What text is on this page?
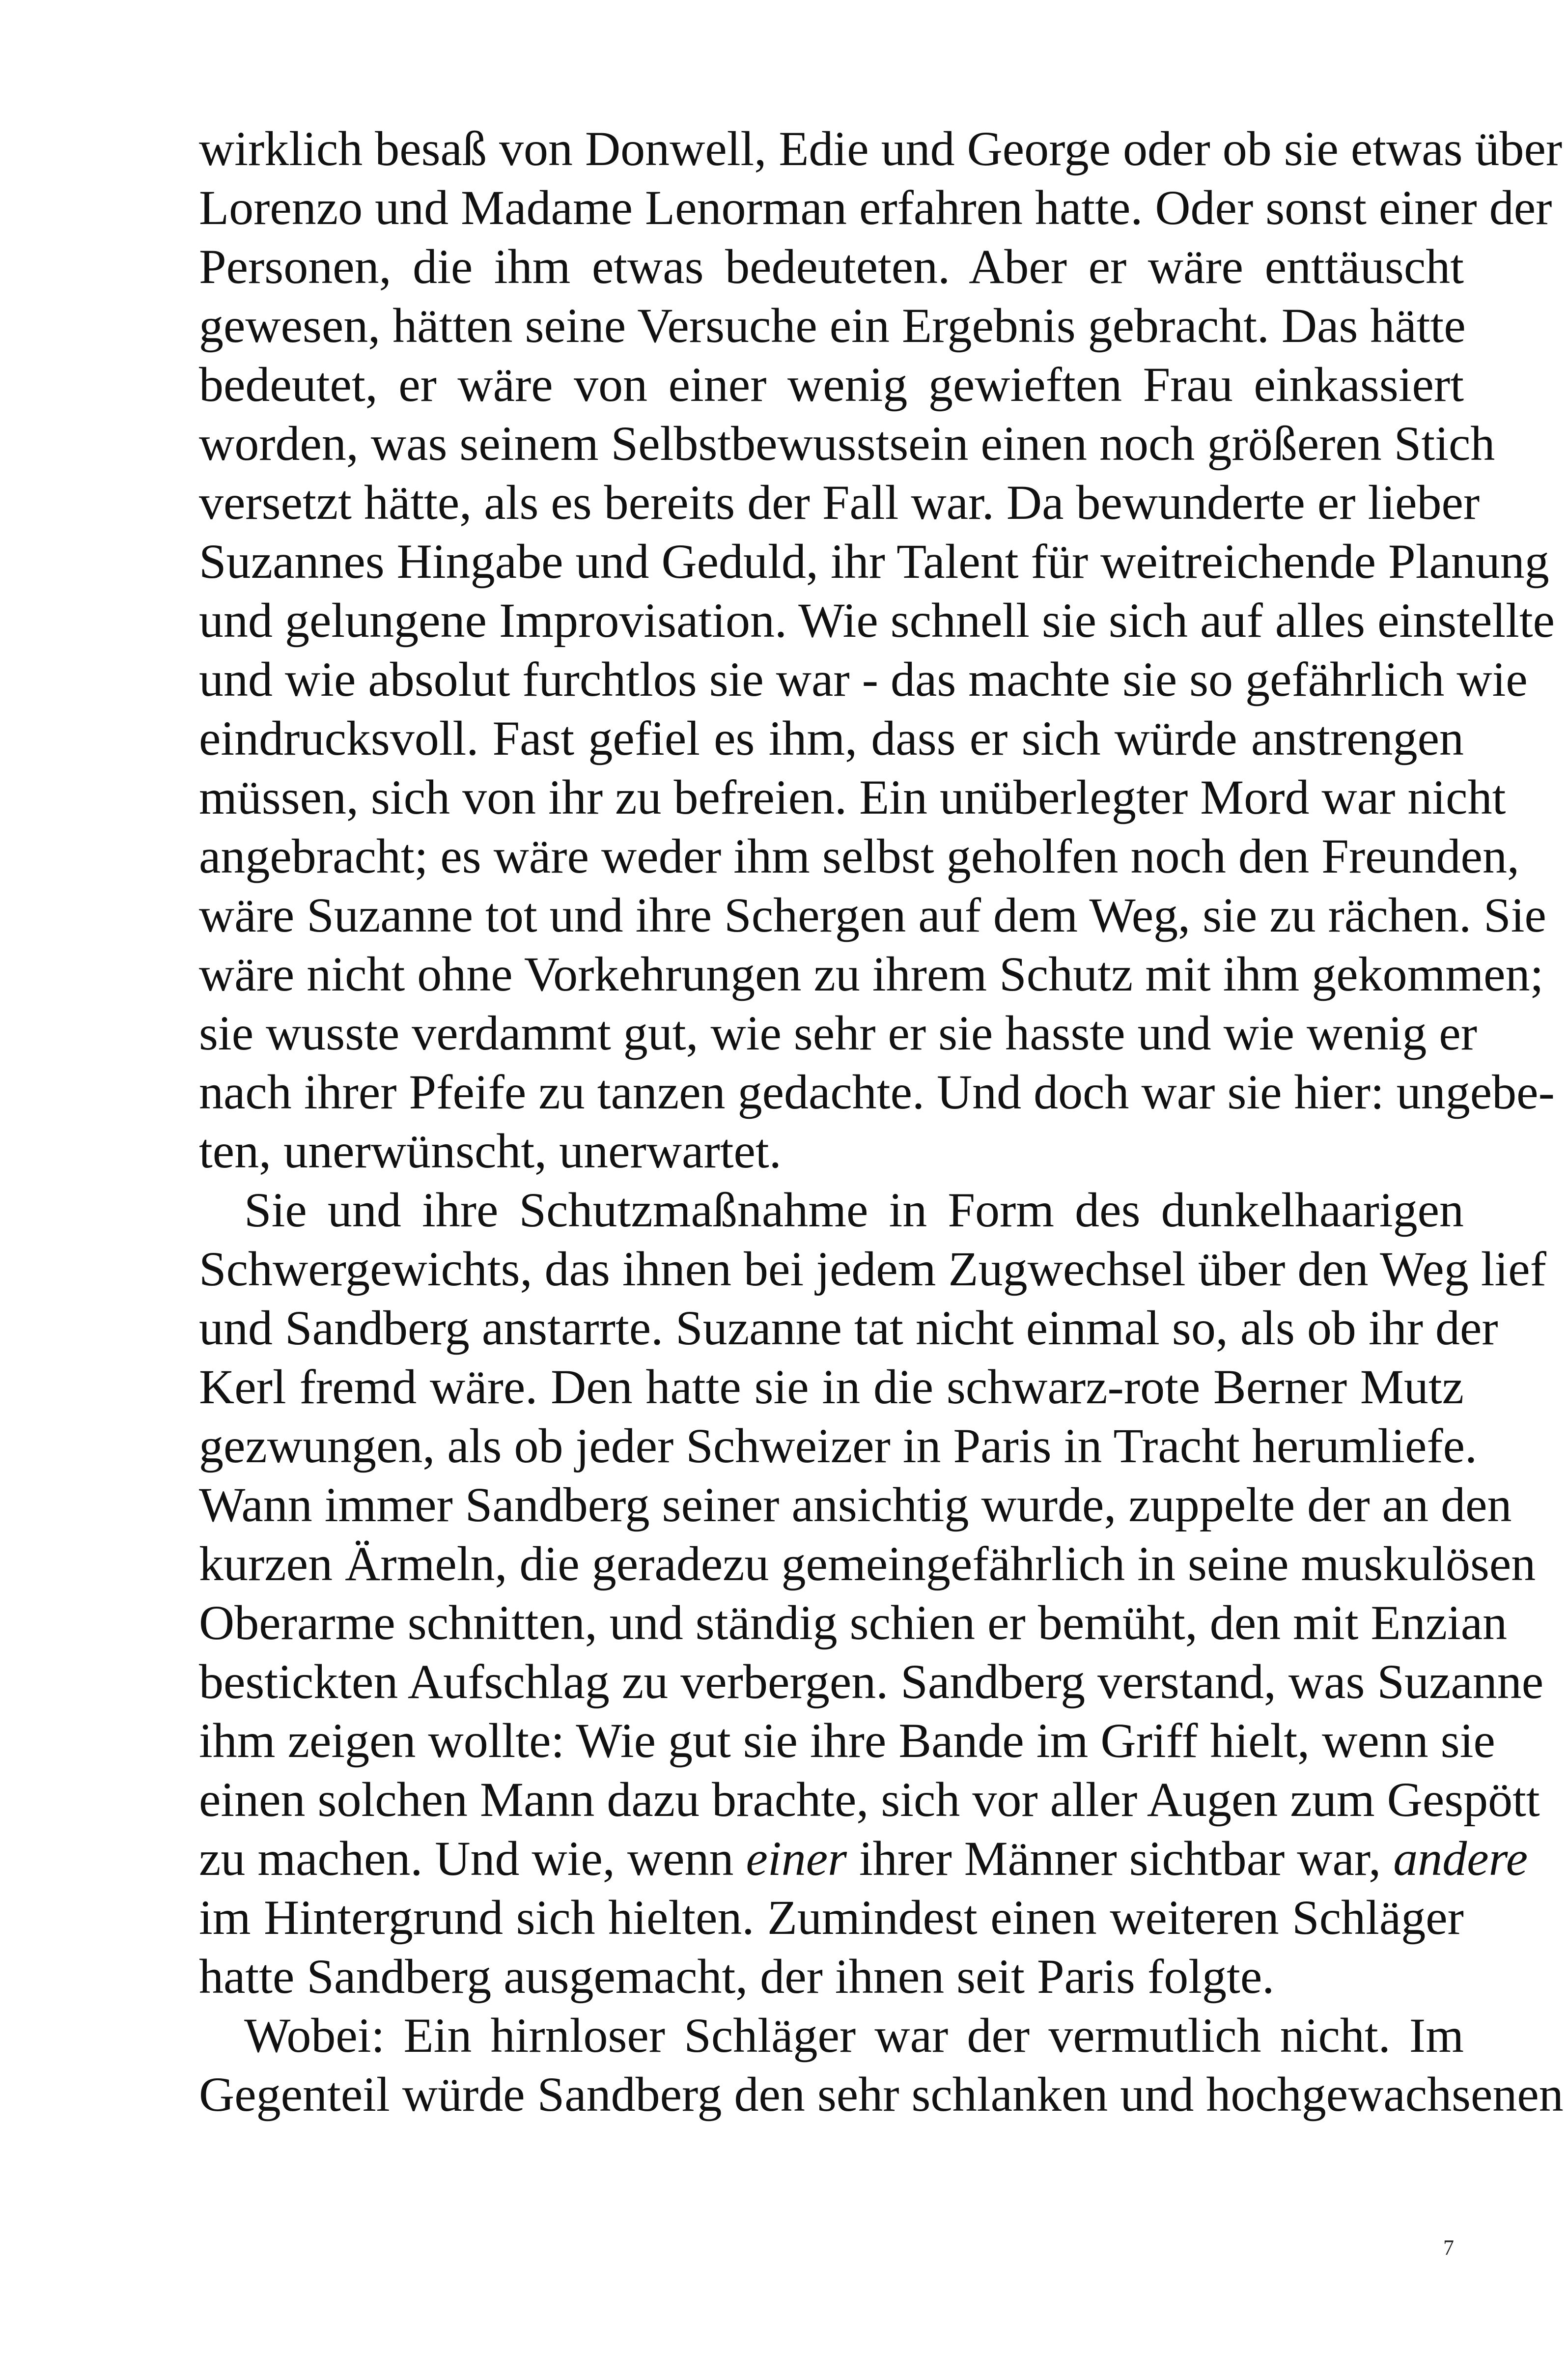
wirklich besaß von Donwell, Edie und George oder ob sie etwas über
Lorenzo und Madame Lenorman erfahren hatte. Oder sonst einer der
Personen, die ihm etwas bedeuteten. Aber er wäre enttäuscht
gewesen, hätten seine Versuche ein Ergebnis gebracht. Das hätte
bedeutet, er wäre von einer wenig gewieften Frau einkassiert
worden, was seinem Selbstbewusstsein einen noch größeren Stich
versetzt hätte, als es bereits der Fall war. Da bewunderte er lieber
Suzannes Hingabe und Geduld, ihr Talent für weitreichende Planung
und gelungene Improvisation. Wie schnell sie sich auf alles einstellte
und wie absolut furchtlos sie war - das machte sie so gefährlich wie
eindrucksvoll. Fast gefiel es ihm, dass er sich würde anstrengen
müssen, sich von ihr zu befreien. Ein unüberlegter Mord war nicht
angebracht; es wäre weder ihm selbst geholfen noch den Freunden,
wäre Suzanne tot und ihre Schergen auf dem Weg, sie zu rächen. Sie
wäre nicht ohne Vorkehrungen zu ihrem Schutz mit ihm gekommen;
sie wusste verdammt gut, wie sehr er sie hasste und wie wenig er
nach ihrer Pfeife zu tanzen gedachte. Und doch war sie hier: ungebe-
ten, unerwünscht, unerwartet.
Sie und ihre Schutzmaßnahme in Form des dunkelhaarigen
Schwergewichts, das ihnen bei jedem Zugwechsel über den Weg lief
und Sandberg anstarrte. Suzanne tat nicht einmal so, als ob ihr der
Kerl fremd wäre. Den hatte sie in die schwarz-rote Berner Mutz
gezwungen, als ob jeder Schweizer in Paris in Tracht herumliefe.
Wann immer Sandberg seiner ansichtig wurde, zuppelte der an den
kurzen Ärmeln, die geradezu gemeingefährlich in seine muskulösen
Oberarme schnitten, und ständig schien er bemüht, den mit Enzian
bestickten Aufschlag zu verbergen. Sandberg verstand, was Suzanne
ihm zeigen wollte: Wie gut sie ihre Bande im Griff hielt, wenn sie
einen solchen Mann dazu brachte, sich vor aller Augen zum Gespött
zu machen. Und wie, wenn einer ihrer Männer sichtbar war, andere
im Hintergrund sich hielten. Zumindest einen weiteren Schläger
hatte Sandberg ausgemacht, der ihnen seit Paris folgte.
Wobei: Ein hirnloser Schläger war der vermutlich nicht. Im
Gegenteil würde Sandberg den sehr schlanken und hochgewachsenen
7
